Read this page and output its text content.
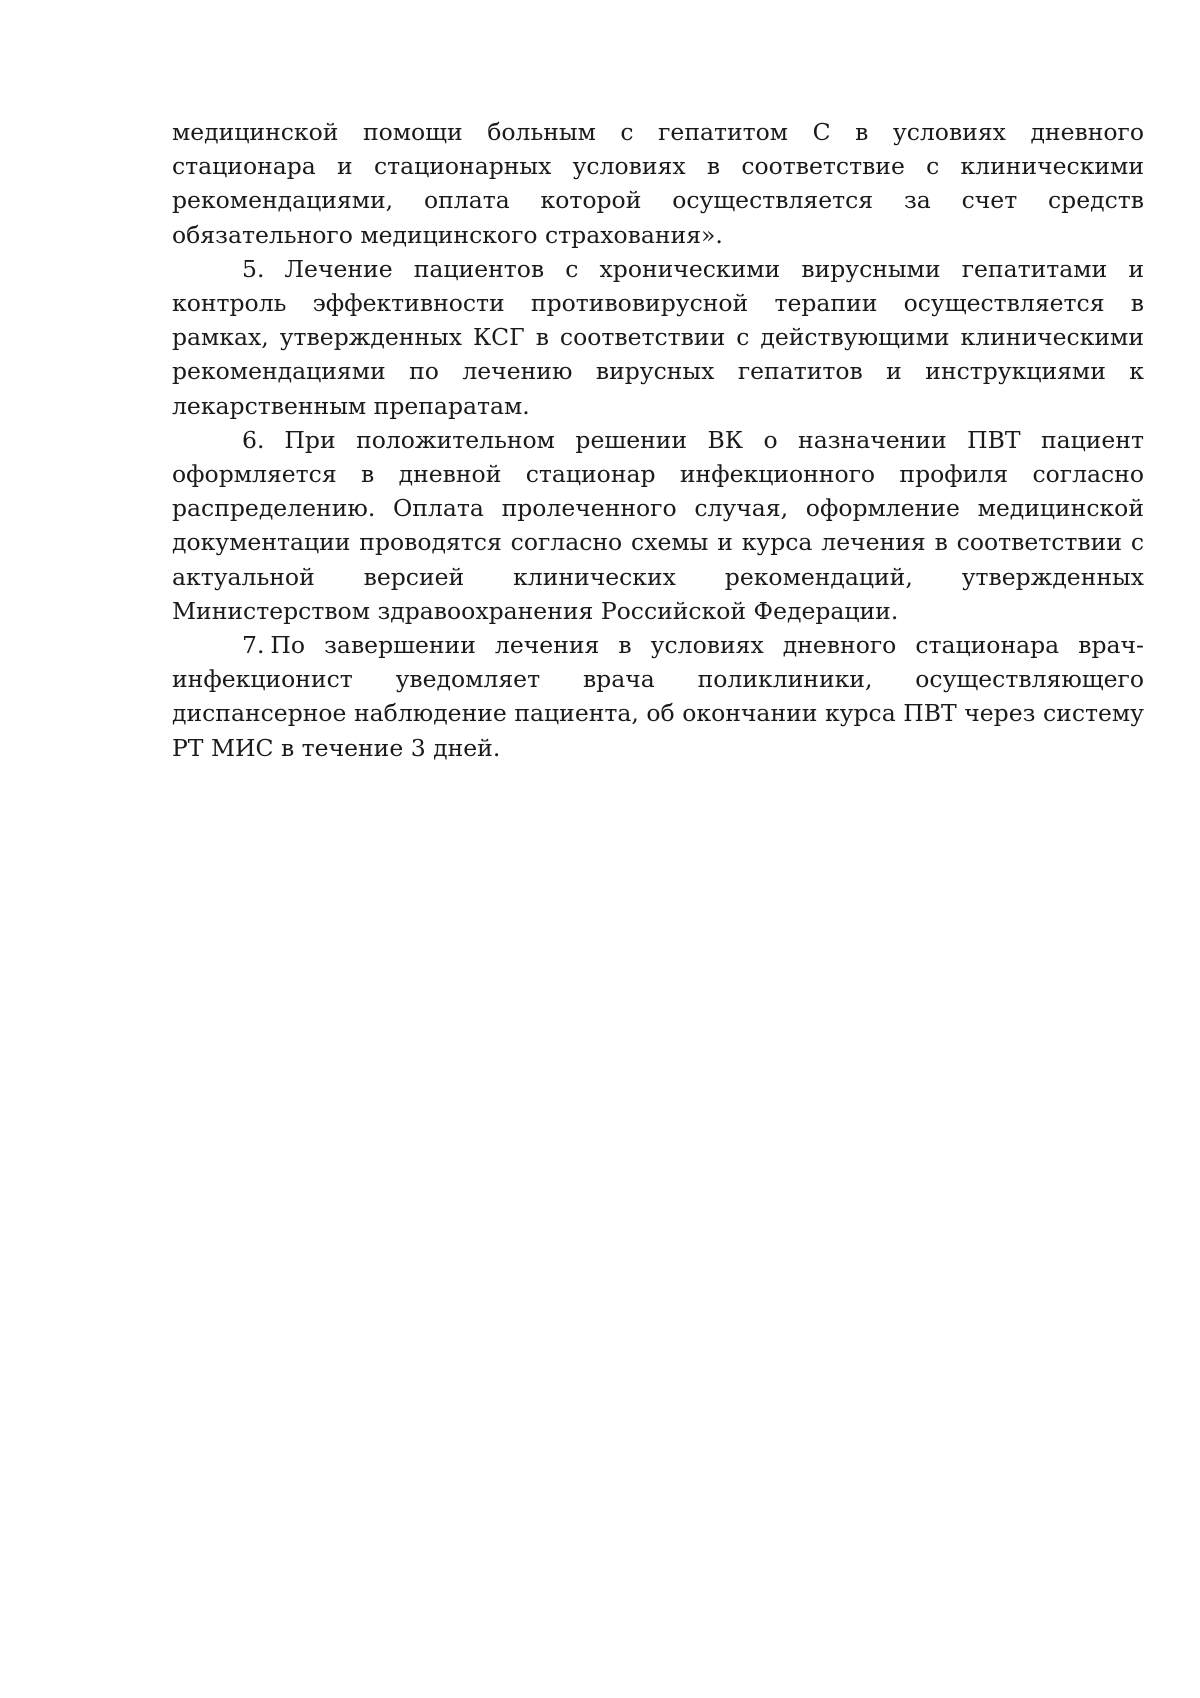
медицинской помощи больным с гепатитом С в условиях дневного стационара и стационарных условиях в соответствие с клиническими рекомендациями, оплата которой осуществляется за счет средств обязательного медицинского страхования».

5. Лечение пациентов с хроническими вирусными гепатитами и контроль эффективности противовирусной терапии осуществляется в рамках, утвержденных КСГ в соответствии с действующими клиническими рекомендациями по лечению вирусных гепатитов и инструкциями к лекарственным препаратам.

6. При положительном решении ВК о назначении ПВТ пациент оформляется в дневной стационар инфекционного профиля согласно распределению. Оплата пролеченного случая, оформление медицинской документации проводятся согласно схемы и курса лечения в соответствии с актуальной версией клинических рекомендаций, утвержденных Министерством здравоохранения Российской Федерации.

7. По завершении лечения в условиях дневного стационара врач-инфекционист уведомляет врача поликлиники, осуществляющего диспансерное наблюдение пациента, об окончании курса ПВТ через систему РТ МИС в течение 3 дней.
